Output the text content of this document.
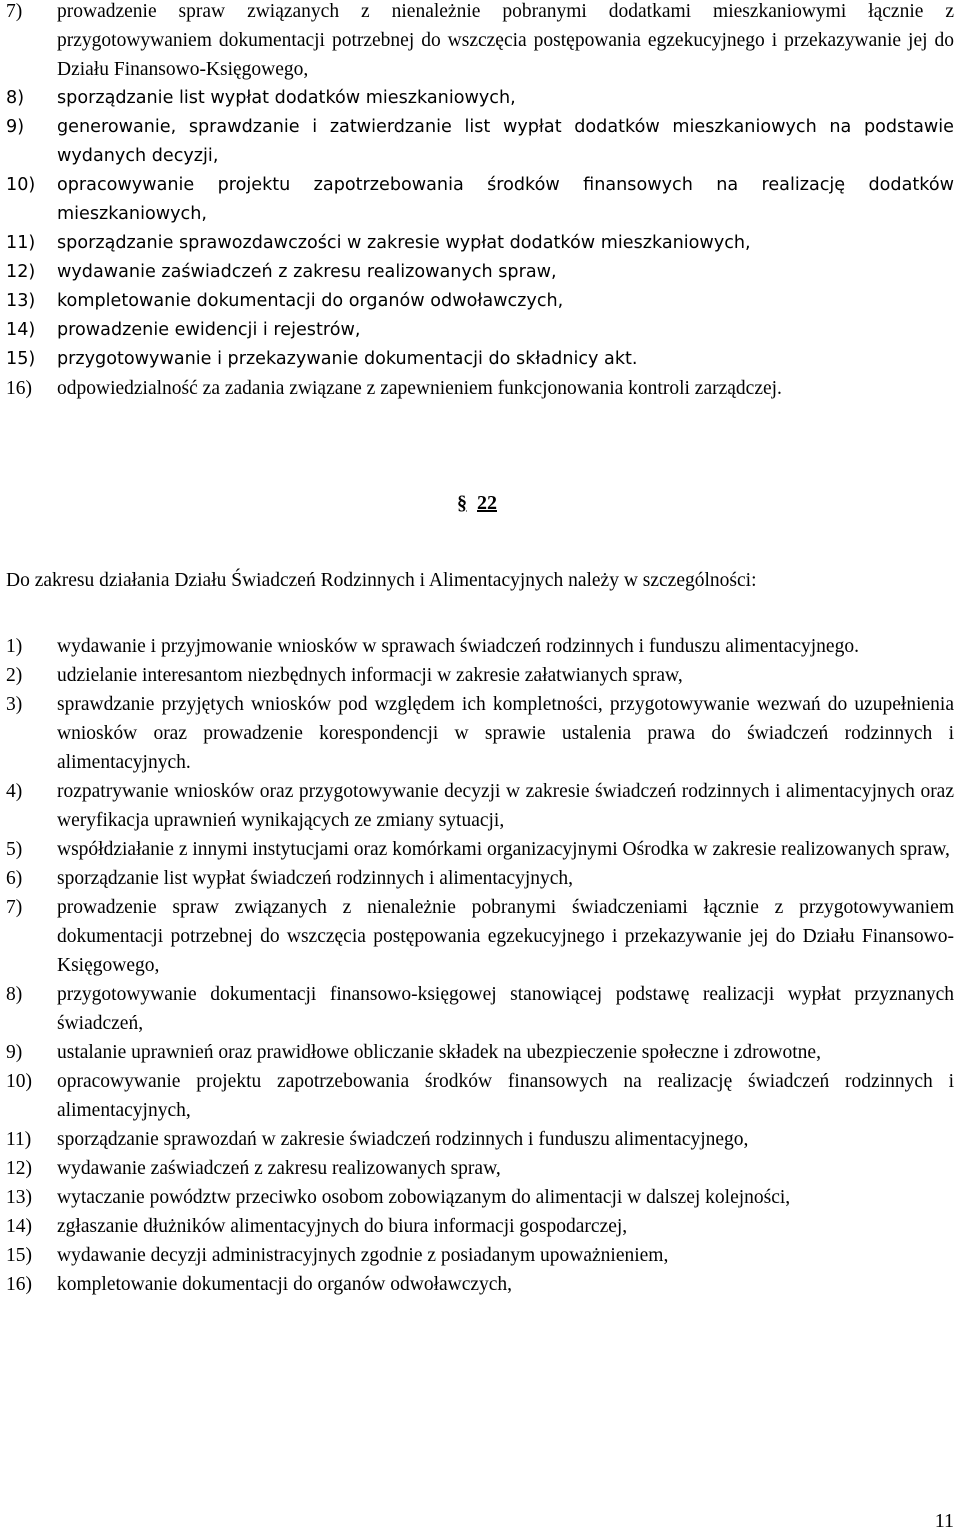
7) prowadzenie spraw związanych z nienależnie pobranymi dodatkami mieszkaniowymi łącznie z przygotowywaniem dokumentacji potrzebnej do wszczęcia postępowania egzekucyjnego i przekazywanie jej do Działu Finansowo-Księgowego,
8) sporządzanie list wypłat dodatków mieszkaniowych,
9) generowanie, sprawdzanie i zatwierdzanie list wypłat dodatków mieszkaniowych na podstawie wydanych decyzji,
10) opracowywanie projektu zapotrzebowania środków finansowych na realizację dodatków mieszkaniowych,
11) sporządzanie sprawozdawczości w zakresie wypłat dodatków mieszkaniowych,
12) wydawanie zaświadczeń z zakresu realizowanych spraw,
13) kompletowanie dokumentacji do organów odwoławczych,
14) prowadzenie ewidencji i rejestrów,
15) przygotowywanie i przekazywanie dokumentacji do składnicy akt.
16) odpowiedzialność za zadania związane z zapewnieniem funkcjonowania kontroli zarządczej.
§ 22

Do zakresu działania Działu Świadczeń Rodzinnych i Alimentacyjnych należy w szczególności:

1) wydawanie i przyjmowanie wniosków w sprawach świadczeń rodzinnych i funduszu alimentacyjnego.
2) udzielanie interesantom niezbędnych informacji w zakresie załatwianych spraw,
3) sprawdzanie przyjętych wniosków pod względem ich kompletności, przygotowywanie wezwań do uzupełnienia wniosków oraz prowadzenie korespondencji w sprawie ustalenia prawa do świadczeń rodzinnych i alimentacyjnych.
4) rozpatrywanie wniosków oraz przygotowywanie decyzji w zakresie świadczeń rodzinnych i alimentacyjnych oraz weryfikacja uprawnień wynikających ze zmiany sytuacji,
5) współdziałanie z innymi instytucjami oraz komórkami organizacyjnymi Ośrodka w zakresie realizowanych spraw,
6) sporządzanie list wypłat świadczeń rodzinnych i alimentacyjnych,
7) prowadzenie spraw związanych z nienależnie pobranymi świadczeniami łącznie z przygotowywaniem dokumentacji potrzebnej do wszczęcia postępowania egzekucyjnego i przekazywanie jej do Działu Finansowo-Księgowego,
8) przygotowywanie dokumentacji finansowo-księgowej stanowiącej podstawę realizacji wypłat przyznanych świadczeń,
9) ustalanie uprawnień oraz prawidłowe obliczanie składek na ubezpieczenie społeczne i zdrowotne,
10) opracowywanie projektu zapotrzebowania środków finansowych na realizację świadczeń rodzinnych i alimentacyjnych,
11) sporządzanie sprawozdań w zakresie świadczeń rodzinnych i funduszu alimentacyjnego,
12) wydawanie zaświadczeń z zakresu realizowanych spraw,
13) wytaczanie powództw przeciwko osobom zobowiązanym do alimentacji w dalszej kolejności,
14) zgłaszanie dłużników alimentacyjnych do biura informacji gospodarczej,
15) wydawanie decyzji administracyjnych zgodnie z posiadanym upoważnieniem,
16) kompletowanie dokumentacji do organów odwoławczych,
11
